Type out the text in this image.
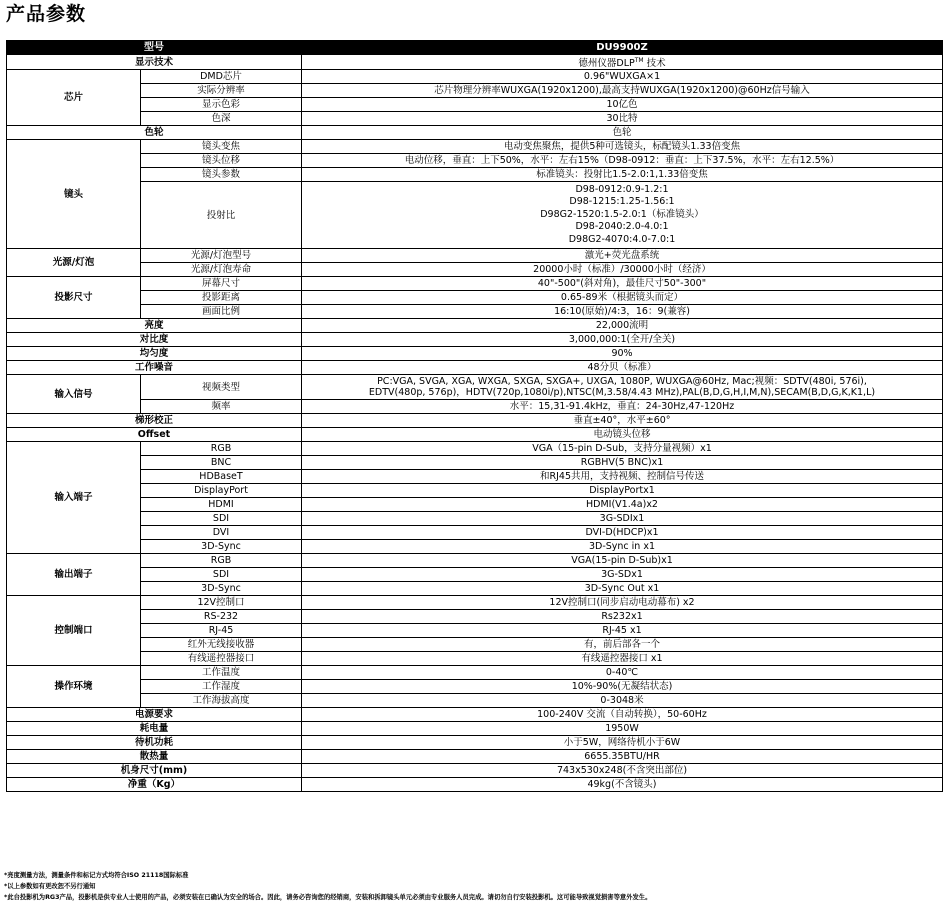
产品参数
型号		DU9900Z
显示技术		德州仪器DLP™ 技术
芯片	DMD芯片	0.96"WUXGA×1
	实际分辨率	芯片物理分辨率WUXGA(1920x1200),最高支持WUXGA(1920x1200)@60Hz信号输入
	显示色彩	10亿色
	色深	30比特
色轮		色轮
镜头	镜头变焦	电动变焦聚焦，提供5种可选镜头，标配镜头1.33倍变焦
	镜头位移	电动位移，垂直：上下50%，水平：左右15%（D98-0912：垂直：上下37.5%，水平：左右12.5%）
	镜头参数	标准镜头：投射比1.5-2.0:1,1.33倍变焦
	投射比	D98-0912:0.9-1.2:1
D98-1215:1.25-1.56:1
D98G2-1520:1.5-2.0:1（标准镜头）
D98-2040:2.0-4.0:1
D98G2-4070:4.0-7.0:1

光源/灯泡	光源/灯泡型号	激光+荧光盘系统
	光源/灯泡寿命	20000小时（标准）/30000小时（经济）
投影尺寸	屏幕尺寸	40"-500"(斜对角)，最佳尺寸50"-300"
	投影距离	0.65-89米（根据镜头而定）
	画面比例	16:10(原始)/4:3，16：9(兼容)
亮度		22,000流明
对比度		3,000,000:1(全开/全关)
均匀度		90%
工作噪音		48分贝（标准）
输入信号	视频类型	PC:VGA, SVGA, XGA, WXGA, SXGA, SXGA+, UXGA, 1080P, WUXGA@60Hz, Mac;视频：SDTV(480i, 576i),
EDTV(480p, 576p)，HDTV(720p,1080i/p),NTSC(M,3.58/4.43 MHz),PAL(B,D,G,H,I,M,N),SECAM(B,D,G,K,K1,L)

	频率	水平：15,31-91.4kHz，垂直：24-30Hz,47-120Hz
梯形校正		垂直±40°，水平±60°
Offset		电动镜头位移
输入端子	RGB	VGA（15-pin D-Sub，支持分量视频）x1
	BNC	RGBHV(5 BNC)x1
	HDBaseT	和RJ45共用，支持视频、控制信号传送
	DisplayPort	DisplayPortx1
	HDMI	HDMI(V1.4a)x2
	SDI	3G-SDIx1
	DVI	DVI-D(HDCP)x1
	3D-Sync	3D-Sync in x1
输出端子	RGB	VGA(15-pin D-Sub)x1
	SDI	3G-SDx1
	3D-Sync	3D-Sync Out x1
控制端口	12V控制口	12V控制口(同步启动电动幕布) x2
	RS-232	Rs232x1
	RJ-45	RJ-45 x1
	红外无线接收器	有，前后部各一个
	有线遥控器接口	有线遥控器接口 x1
操作环境	工作温度	0-40℃
	工作湿度	10%-90%(无凝结状态)
	工作海拔高度	0-3048米
电源要求		100-240V 交流（自动转换），50-60Hz
耗电量		1950W
待机功耗		小于5W，网络待机小于6W
散热量		6655.35BTU/HR
机身尺寸(mm)		743x530x248(不含突出部位)
净重（Kg）		49kg(不含镜头)
*亮度测量方法，测量条件和标记方式均符合ISO 21118国际标准
*以上参数如有更改恕不另行通知
*此台投影机为RG3产品，投影机是供专业人士使用的产品，必须安装在已确认为安全的场合。因此，请务必咨询您的经销商，安装和拆卸镜头单元必须由专业服务人员完成。请切勿自行安装投影机。这可能导致视觉损害等意外发生。
